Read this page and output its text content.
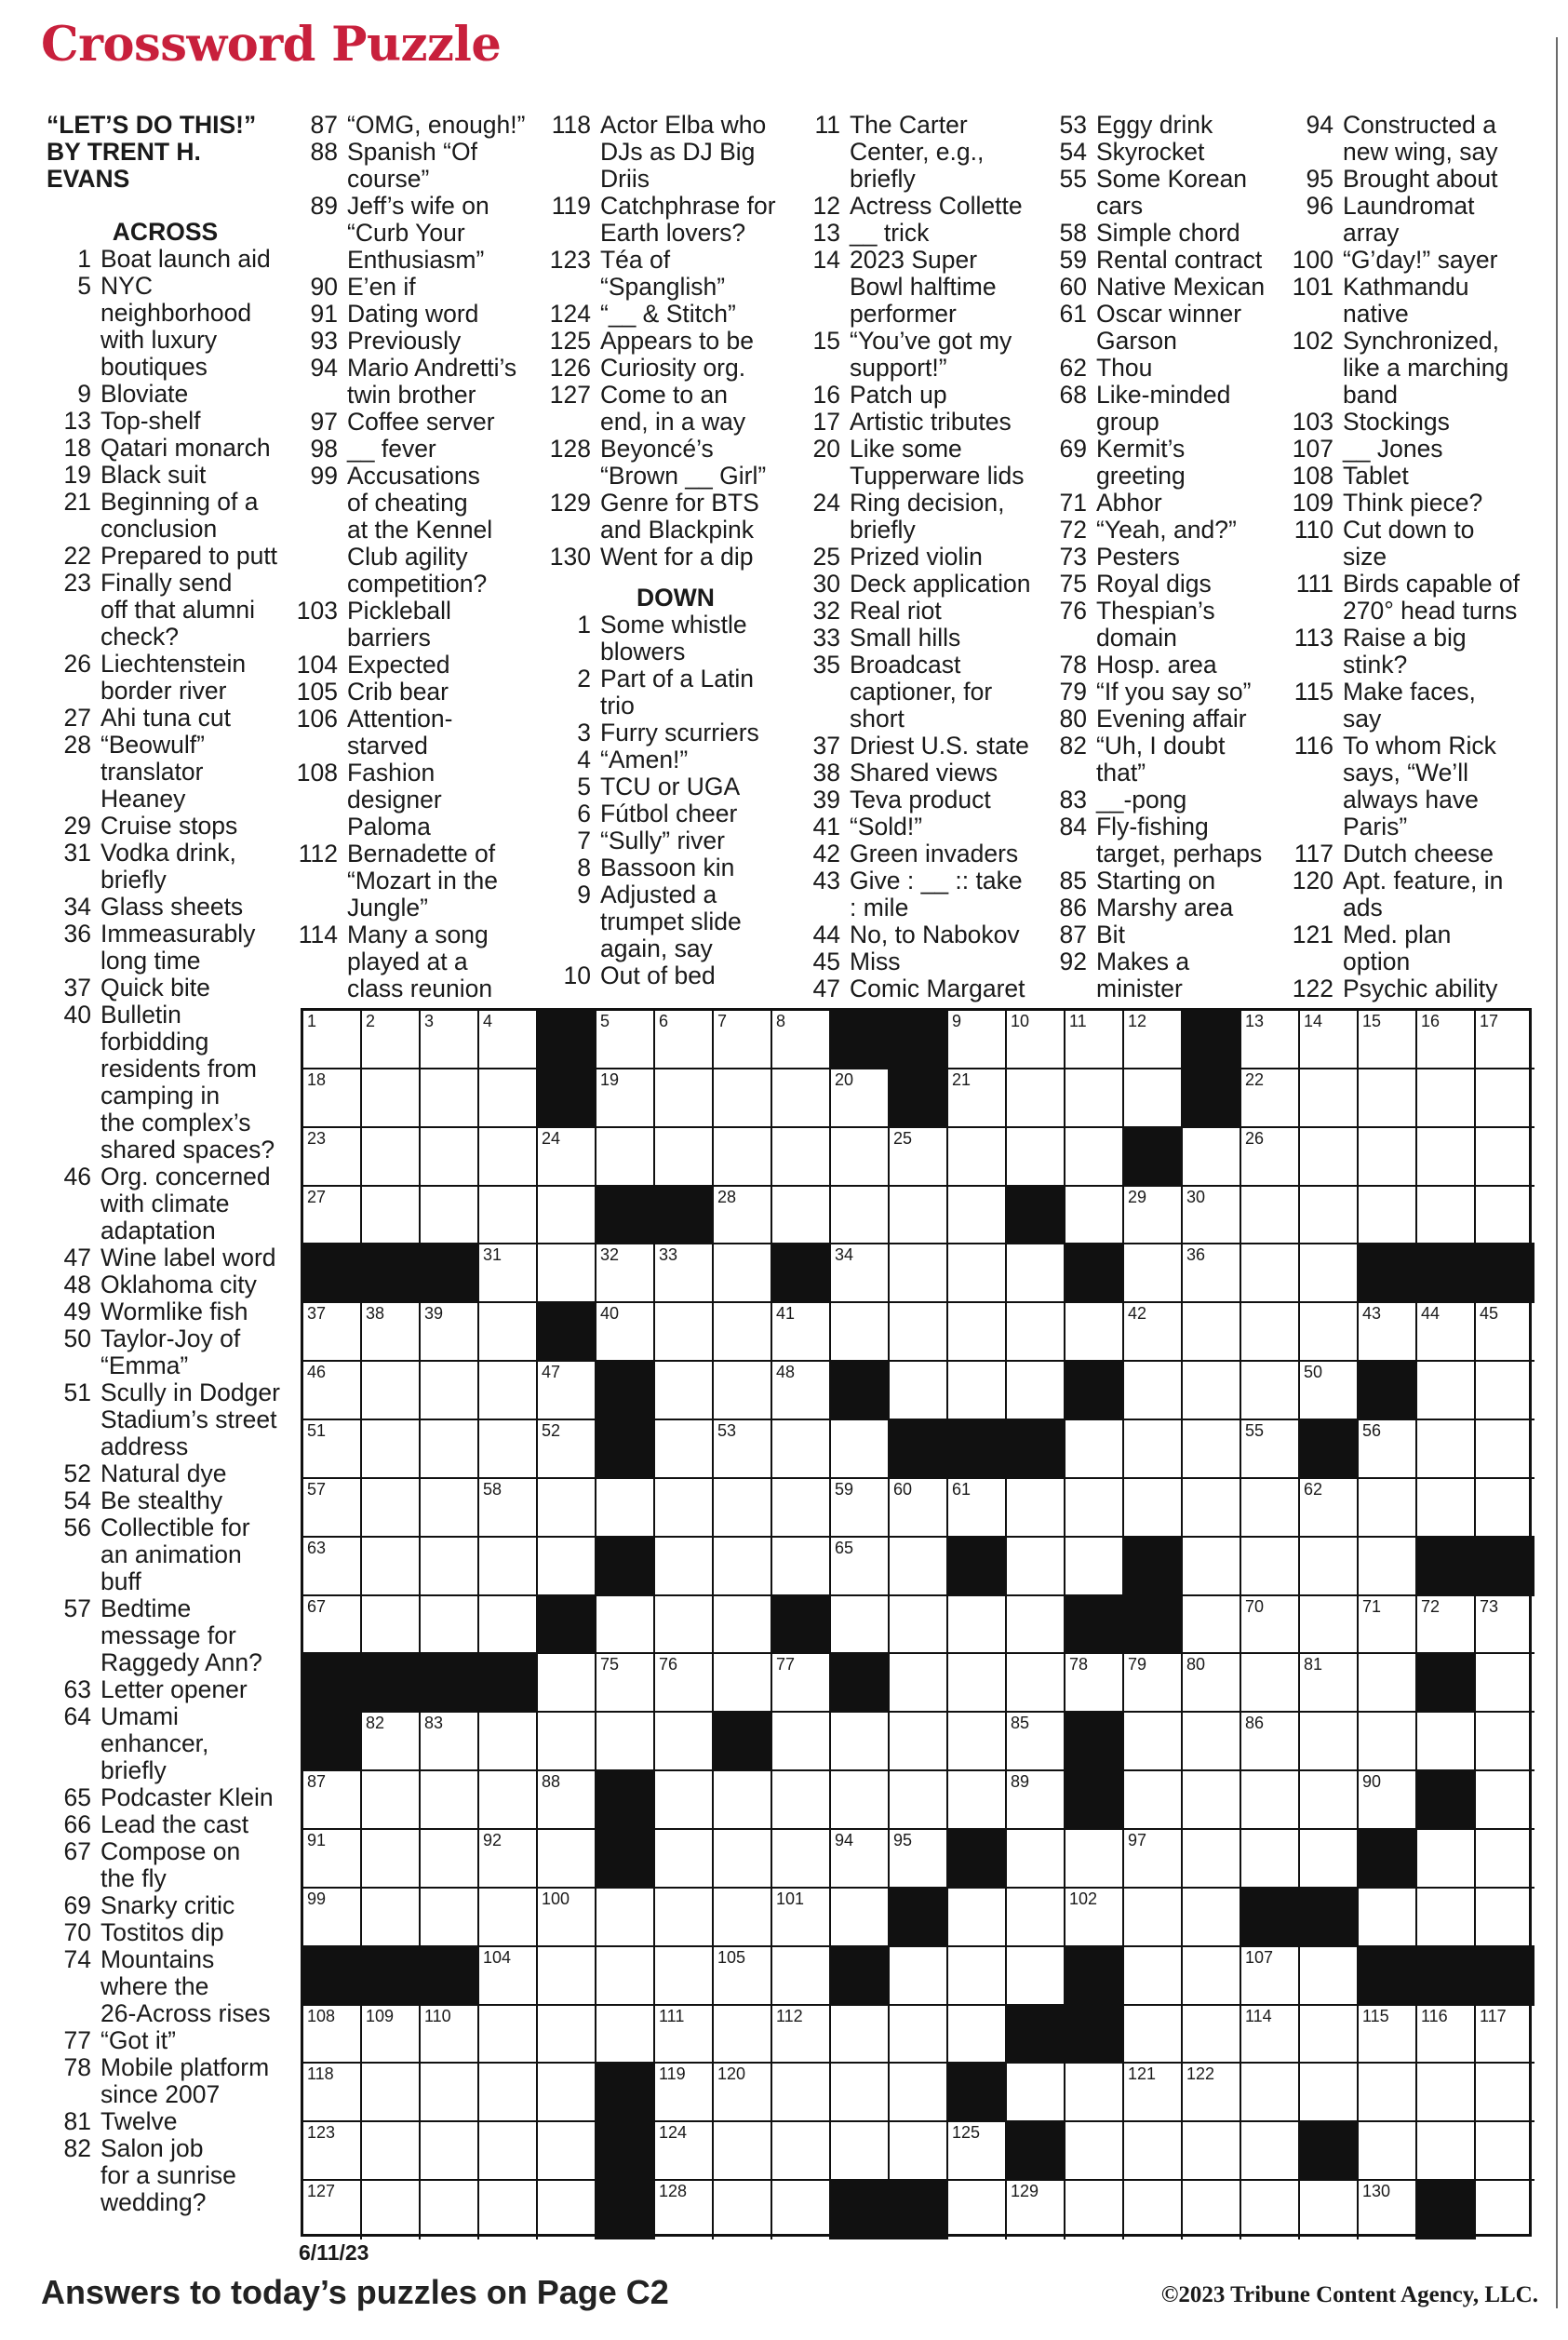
Crossword Puzzle
“LET’S DO THIS!”
BY TRENT H.
EVANS
ACROSS
1 Boat launch aid
5 NYC
neighborhood
with luxury
boutiques
9 Bloviate
13 Top-shelf
18 Qatari monarch
19 Black suit
21 Beginning of a
conclusion
22 Prepared to putt
23 Finally send
off that alumni
check?
26 Liechtenstein
border river
27 Ahi tuna cut
28 “Beowulf”
translator
Heaney
29 Cruise stops
31 Vodka drink,
briefly
34 Glass sheets
36 Immeasurably
long time
37 Quick bite
40 Bulletin
forbidding
residents from
camping in
the complex’s
shared spaces?
46 Org. concerned
with climate
adaptation
47 Wine label word
48 Oklahoma city
49 Wormlike fish
50 Taylor-Joy of
“Emma”
51 Scully in Dodger
Stadium’s street
address
52 Natural dye
54 Be stealthy
56 Collectible for
an animation
buff
57 Bedtime
message for
Raggedy Ann?
63 Letter opener
64 Umami
enhancer,
briefly
65 Podcaster Klein
66 Lead the cast
67 Compose on
the fly
69 Snarky critic
70 Tostitos dip
74 Mountains
where the
26-Across rises
77 “Got it”
78 Mobile platform
since 2007
81 Twelve
82 Salon job
for a sunrise
wedding?
87 “OMG, enough!”
88 Spanish “Of
course”
89 Jeff’s wife on
“Curb Your
Enthusiasm”
90 E’en if
91 Dating word
93 Previously
94 Mario Andretti’s
twin brother
97 Coffee server
98 __ fever
99 Accusations
of cheating
at the Kennel
Club agility
competition?
103 Pickleball
barriers
104 Expected
105 Crib bear
106 Attention-
starved
108 Fashion
designer
Paloma
112 Bernadette of
“Mozart in the
Jungle”
114 Many a song
played at a
class reunion
118 Actor Elba who
DJs as DJ Big
Driis
119 Catchphrase for
Earth lovers?
123 Téa of
“Spanglish”
124 “__ & Stitch”
125 Appears to be
126 Curiosity org.
127 Come to an
end, in a way
128 Beyoncé’s
“Brown __ Girl”
129 Genre for BTS
and Blackpink
130 Went for a dip
DOWN
1 Some whistle
blowers
2 Part of a Latin
trio
3 Furry scurriers
4 “Amen!”
5 TCU or UGA
6 Fútbol cheer
7 “Sully” river
8 Bassoon kin
9 Adjusted a
trumpet slide
again, say
10 Out of bed
11 The Carter
Center, e.g.,
briefly
12 Actress Collette
13 __ trick
14 2023 Super
Bowl halftime
performer
15 “You’ve got my
support!”
16 Patch up
17 Artistic tributes
20 Like some
Tupperware lids
24 Ring decision,
briefly
25 Prized violin
30 Deck application
32 Real riot
33 Small hills
35 Broadcast
captioner, for
short
37 Driest U.S. state
38 Shared views
39 Teva product
41 “Sold!”
42 Green invaders
43 Give : __ :: take
: mile
44 No, to Nabokov
45 Miss
47 Comic Margaret
53 Eggy drink
54 Skyrocket
55 Some Korean
cars
58 Simple chord
59 Rental contract
60 Native Mexican
61 Oscar winner
Garson
62 Thou
68 Like-minded
group
69 Kermit’s
greeting
71 Abhor
72 “Yeah, and?”
73 Pesters
75 Royal digs
76 Thespian’s
domain
78 Hosp. area
79 “If you say so”
80 Evening affair
82 “Uh, I doubt
that”
83 __-pong
84 Fly-fishing
target, perhaps
85 Starting on
86 Marshy area
87 Bit
92 Makes a
minister
94 Constructed a
new wing, say
95 Brought about
96 Laundromat
array
100 “G’day!” sayer
101 Kathmandu
native
102 Synchronized,
like a marching
band
103 Stockings
107 __ Jones
108 Tablet
109 Think piece?
110 Cut down to
size
111 Birds capable of
270° head turns
113 Raise a big
stink?
115 Make faces,
say
116 To whom Rick
says, “We’ll
always have
Paris”
117 Dutch cheese
120 Apt. feature, in
ads
121 Med. plan
option
122 Psychic ability
1	2	3	4	5	6	7	8	9	10 11 12	13 14 15 16 17
18	19	20	21	22
23	24	25	26
27	28	29 30
31	32 33	34	36
37 38 39	40	41	42	43 44 45
46	47	48	50
51	52	53	55	56
57	58	59 60 61	62
63	65
67	70	71 72 73
75 76	77	78 79 80	81
82 83	85	86
87	88	89	90
91	92	94 95	97
99	100	101	102
104	105	107
108 109 110	111	112	114	115 116 117
118	119 120	121 122
123	124	125
127	128	129	130
6/11/23
©2023 Tribune Content Agency, LLC.
Answers to today’s puzzles on Page C2
